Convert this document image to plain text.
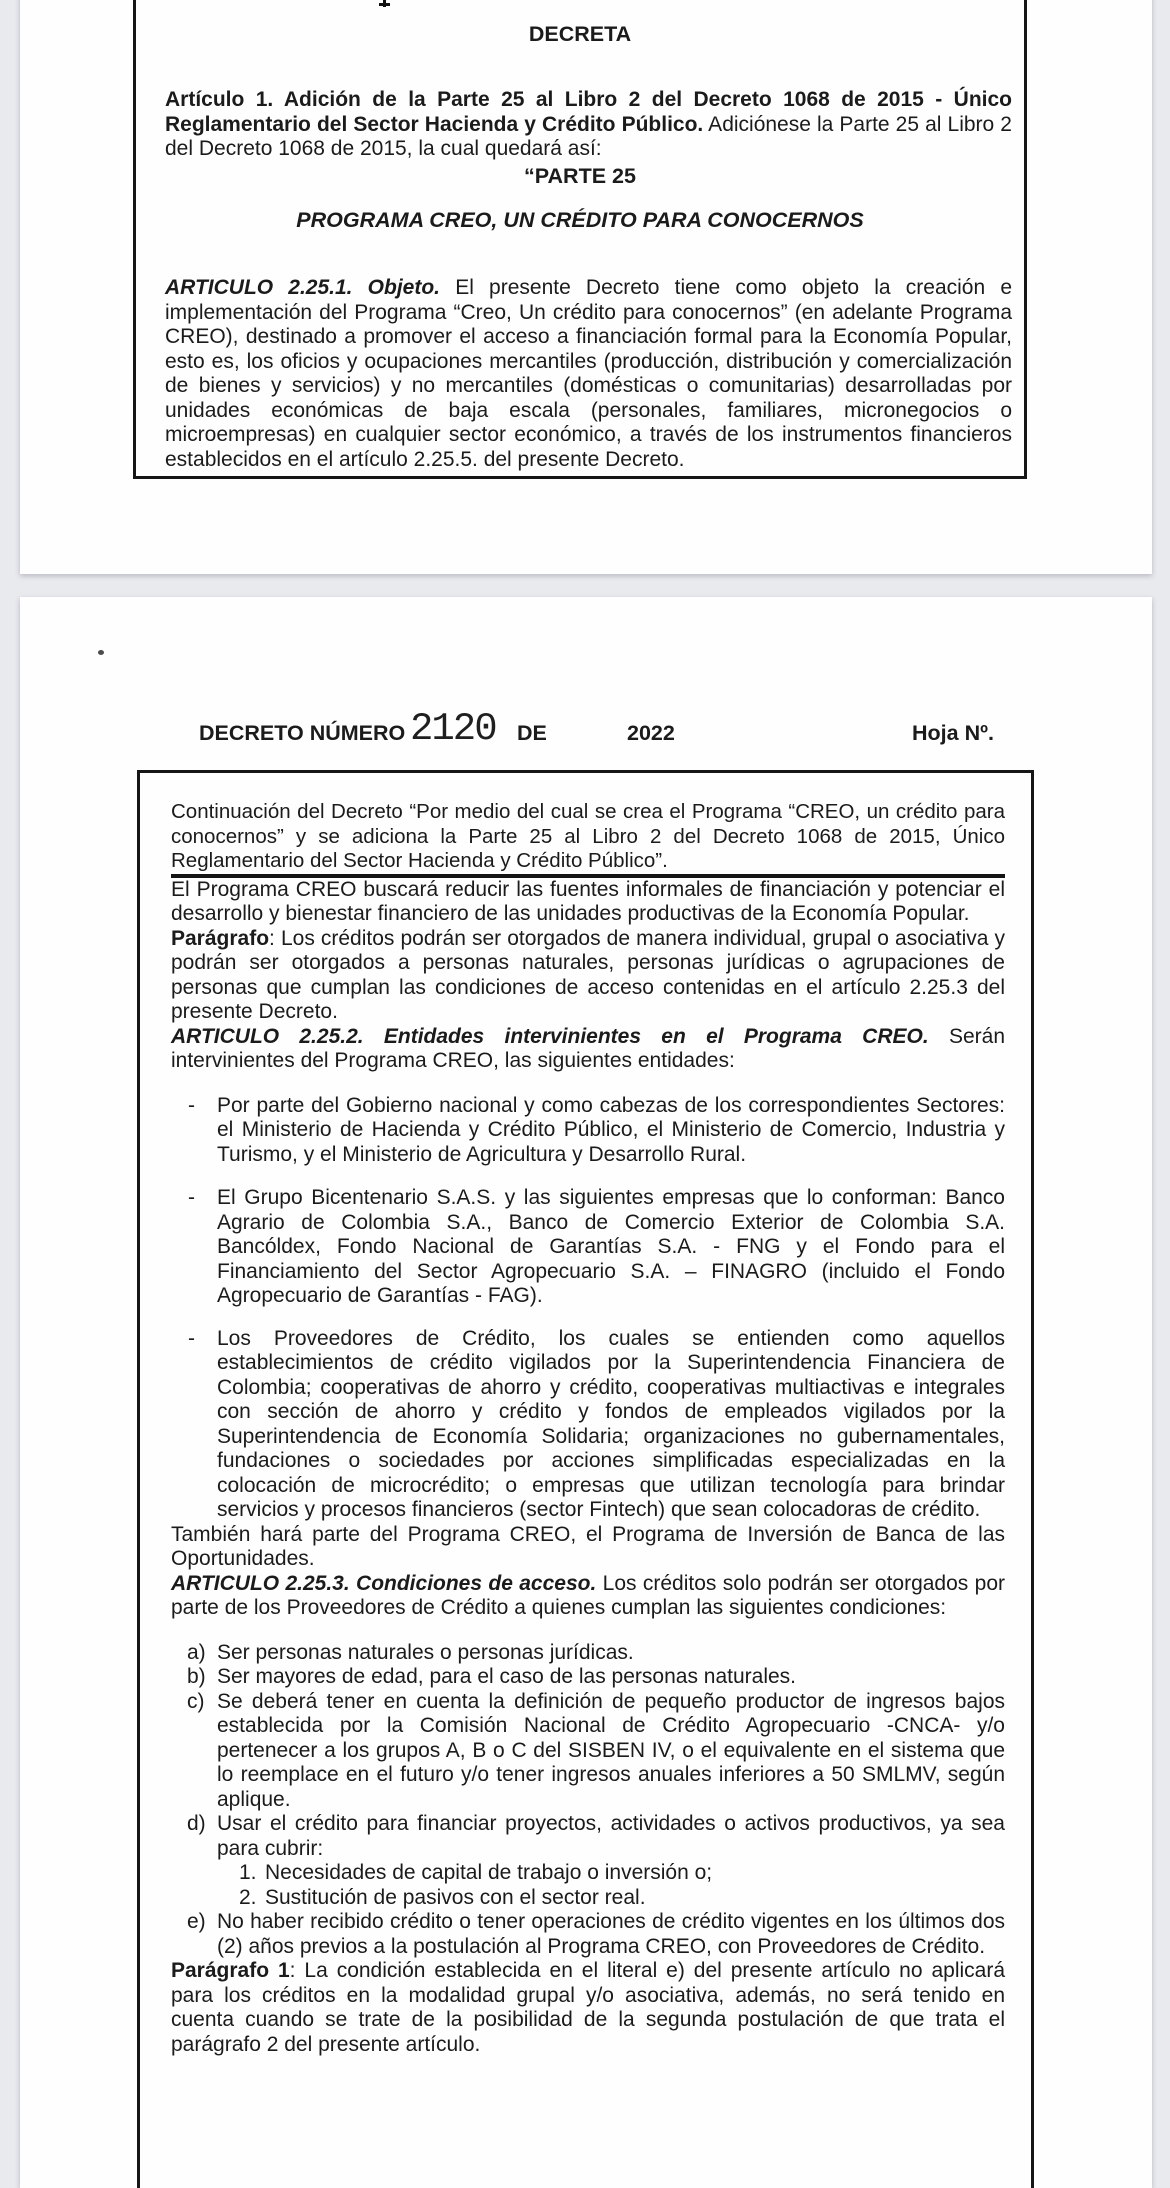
DECRETA

Artículo 1. Adición de la Parte 25 al Libro 2 del Decreto 1068 de 2015 - Único Reglamentario del Sector Hacienda y Crédito Público. Adiciónese la Parte 25 al Libro 2 del Decreto 1068 de 2015, la cual quedará así:

“PARTE 25
PROGRAMA CREO, UN CRÉDITO PARA CONOCERNOS

ARTICULO 2.25.1. Objeto. El presente Decreto tiene como objeto la creación e implementación del Programa “Creo, Un crédito para conocernos” (en adelante Programa CREO), destinado a promover el acceso a financiación formal para la Economía Popular, esto es, los oficios y ocupaciones mercantiles (producción, distribución y comercialización de bienes y servicios) y no mercantiles (domésticas o comunitarias) desarrolladas por unidades económicas de baja escala (personales, familiares, micronegocios o microempresas) en cualquier sector económico, a través de los instrumentos financieros establecidos en el artículo 2.25.5. del presente Decreto.

DECRETO NÚMERO 2120 DE	2022	Hoja Nº.

Continuación del Decreto “Por medio del cual se crea el Programa “CREO, un crédito para conocernos” y se adiciona la Parte 25 al Libro 2 del Decreto 1068 de 2015, Único Reglamentario del Sector Hacienda y Crédito Público”.

El Programa CREO buscará reducir las fuentes informales de financiación y potenciar el desarrollo y bienestar financiero de las unidades productivas de la Economía Popular.

Parágrafo: Los créditos podrán ser otorgados de manera individual, grupal o asociativa y podrán ser otorgados a personas naturales, personas jurídicas o agrupaciones de personas que cumplan las condiciones de acceso contenidas en el artículo 2.25.3 del presente Decreto.

ARTICULO 2.25.2. Entidades intervinientes en el Programa CREO. Serán intervinientes del Programa CREO, las siguientes entidades:

-	Por parte del Gobierno nacional y como cabezas de los correspondientes Sectores: el Ministerio de Hacienda y Crédito Público, el Ministerio de Comercio, Industria y Turismo, y el Ministerio de Agricultura y Desarrollo Rural.
-	El Grupo Bicentenario S.A.S. y las siguientes empresas que lo conforman: Banco Agrario de Colombia S.A., Banco de Comercio Exterior de Colombia S.A. Bancóldex, Fondo Nacional de Garantías S.A. - FNG y el Fondo para el Financiamiento del Sector Agropecuario S.A. – FINAGRO (incluido el Fondo Agropecuario de Garantías - FAG).
-	Los Proveedores de Crédito, los cuales se entienden como aquellos establecimientos de crédito vigilados por la Superintendencia Financiera de Colombia; cooperativas de ahorro y crédito, cooperativas multiactivas e integrales con sección de ahorro y crédito y fondos de empleados vigilados por la Superintendencia de Economía Solidaria; organizaciones no gubernamentales, fundaciones o sociedades por acciones simplificadas especializadas en la colocación de microcrédito; o empresas que utilizan tecnología para brindar servicios y procesos financieros (sector Fintech) que sean colocadoras de crédito.

También hará parte del Programa CREO, el Programa de Inversión de Banca de las Oportunidades.

ARTICULO 2.25.3. Condiciones de acceso. Los créditos solo podrán ser otorgados por parte de los Proveedores de Crédito a quienes cumplan las siguientes condiciones:

a) Ser personas naturales o personas jurídicas.
b) Ser mayores de edad, para el caso de las personas naturales.
c) Se deberá tener en cuenta la definición de pequeño productor de ingresos bajos establecida por la Comisión Nacional de Crédito Agropecuario -CNCA- y/o pertenecer a los grupos A, B o C del SISBEN IV, o el equivalente en el sistema que lo reemplace en el futuro y/o tener ingresos anuales inferiores a 50 SMLMV, según aplique.
d) Usar el crédito para financiar proyectos, actividades o activos productivos, ya sea para cubrir:
1. Necesidades de capital de trabajo o inversión o;
2. Sustitución de pasivos con el sector real.
e) No haber recibido crédito o tener operaciones de crédito vigentes en los últimos dos (2) años previos a la postulación al Programa CREO, con Proveedores de Crédito.

Parágrafo 1: La condición establecida en el literal e) del presente artículo no aplicará para los créditos en la modalidad grupal y/o asociativa, además, no será tenido en cuenta cuando se trate de la posibilidad de la segunda postulación de que trata el parágrafo 2 del presente artículo.
